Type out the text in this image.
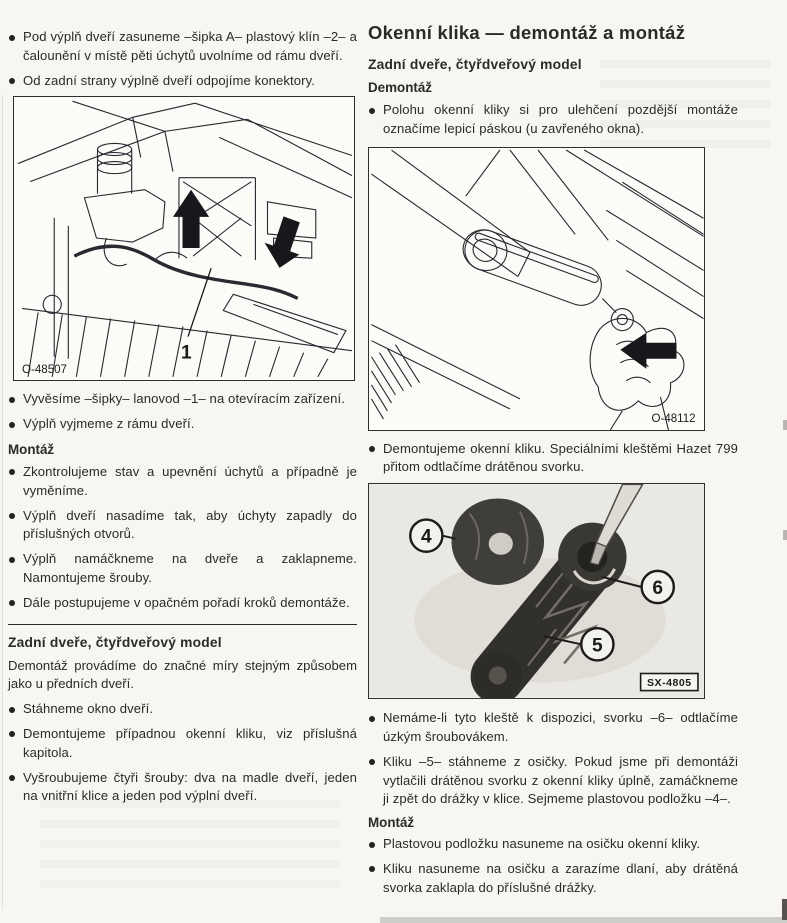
Pod výplň dveří zasuneme –šipka A– plastový klín –2– a čalounění v místě pěti úchytů uvolníme od rámu dveří.
Od zadní strany výplně dveří odpojíme konektory.
1
O-48507
Vyvěsíme –šipky– lanovod –1– na otevíracím zařízení.
Výplň vyjmeme z rámu dveří.
Montáž
Zkontrolujeme stav a upevnění úchytů a případně je vyměníme.
Výplň dveří nasadíme tak, aby úchyty zapadly do příslušných otvorů.
Výplň namáčkneme na dveře a zaklapneme. Namontujeme šrouby.
Dále postupujeme v opačném pořadí kroků demontáže.
Zadní dveře, čtyřdveřový model
Demontáž provádíme do značné míry stejným způsobem jako u předních dveří.
Stáhneme okno dveří.
Demontujeme případnou okenní kliku, viz příslušná kapitola.
Vyšroubujeme čtyři šrouby: dva na madle dveří, jeden na vnitřní klice a jeden pod výplní dveří.
Okenní klika — demontáž a montáž
Zadní dveře, čtyřdveřový model
Demontáž
Polohu okenní kliky si pro ulehčení pozdější montáže označíme lepicí páskou (u zavřeného okna).
O-48112
Demontujeme okenní kliku. Speciálními kleštěmi Hazet 799 přitom odtlačíme drátěnou svorku.
4
6
5
SX-4805
Nemáme-li tyto kleště k dispozici, svorku –6– odtlačíme úzkým šroubovákem.
Kliku –5– stáhneme z osičky. Pokud jsme při demontáži vytlačili drátěnou svorku z okenní kliky úplně, zamáčkneme ji zpět do drážky v klice. Sejmeme plastovou podložku –4–.
Montáž
Plastovou podložku nasuneme na osičku okenní kliky.
Kliku nasuneme na osičku a zarazíme dlaní, aby drátěná svorka zaklapla do příslušné drážky.
